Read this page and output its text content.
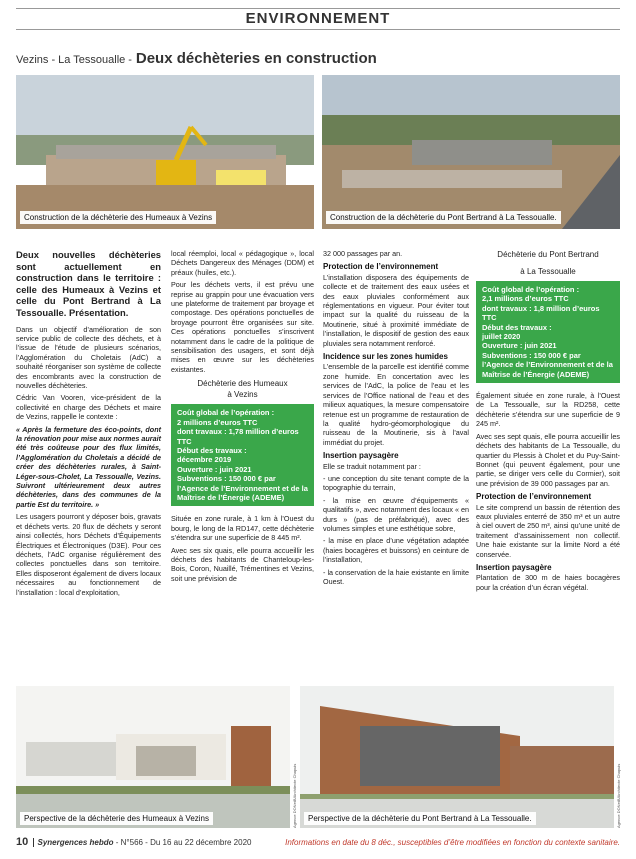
ENVIRONNEMENT
Vezins - La Tessoualle - Deux déchèteries en construction
Construction de la déchèterie des Humeaux à Vezins	Construction de la déchèterie du Pont Bertrand à La Tessoualle.
Deux nouvelles déchèteries sont actuellement en construction dans le territoire : celle des Humeaux à Vezins et celle du Pont Bertrand à La Tessoualle. Présentation.

Dans un objectif d’amélioration de son service public de collecte des déchets, et à l’issue de l’étude de plusieurs scénarios, l’Agglomération du Choletais (AdC) a souhaité réorganiser son système de collecte des encombrants avec la construction de nouvelles déchèteries.

Cédric Van Vooren, vice-président de la collectivité en charge des Déchets et maire de Vezins, rappelle le contexte :

« Après la fermeture des éco-points, dont la rénovation pour mise aux normes aurait été très coûteuse pour des flux limités, l’Agglomération du Choletais a décidé de créer des déchèteries rurales, à Saint-Léger-sous-Cholet, La Tessoualle, Vezins. Suivront ultérieurement deux autres déchèteries, dans des communes de la partie Est du territoire. »

Les usagers pourront y déposer bois, gravats et déchets verts. 20 flux de déchets y seront ainsi collectés, hors Déchets d’Équipements Électriques et Électroniques (D3E). Pour ces déchets, l’AdC organise régulièrement des collectes ponctuelles dans son territoire. Elles disposeront également de divers locaux nécessaires au fonctionnement de l’installation : local d’exploitation,

local réemploi, local « pédagogique », local Déchets Dangereux des Ménages (DDM) et préaux (huiles, etc.).

Pour les déchets verts, il est prévu une reprise au grappin pour une évacuation vers une plateforme de traitement par broyage et compostage. Des opérations ponctuelles de broyage pourront être organisées sur site. Ces opérations ponctuelles s’inscrivent notamment dans le cadre de la politique de sensibilisation des usagers, et sont déjà mises en œuvre sur les déchèteries existantes.

Déchèterie des Humeaux
à Vezins
Coût global de l’opération :
2 millions d’euros TTC
dont travaux : 1,78 million d’euros TTC
Début des travaux :
décembre 2019
Ouverture : juin 2021
Subventions : 150 000 € par l’Agence de l’Environnement et de la Maîtrise de l’Énergie (ADEME)

Située en zone rurale, à 1 km à l’Ouest du bourg, le long de la RD147, cette déchèterie s’étendra sur une superficie de 8 445 m².

Avec ses six quais, elle pourra accueillir les déchets des habitants de Chanteloup-les-Bois, Coron, Nuaillé, Trémentines et Vezins, soit une prévision de

32 000 passages par an.

Protection de l’environnement

L’installation disposera des équipements de collecte et de traitement des eaux usées et des eaux pluviales conformément aux réglementations en vigueur. Pour éviter tout impact sur la qualité du ruisseau de la Moutinerie, situé à proximité immédiate de l’installation, le dispositif de gestion des eaux pluviales sera notamment renforcé.

Incidence sur les zones humides

L’ensemble de la parcelle est identifié comme zone humide. En concertation avec les services de l’AdC, la police de l’eau et les services de l’Office national de l’eau et des milieux aquatiques, la mesure compensatoire retenue est un programme de restauration de la qualité hydro-géomorphologique du ruisseau de la Moutinerie, sis à l’aval immédiat du projet.

Insertion paysagère

Elle se traduit notamment par :

- une conception du site tenant compte de la topographie du terrain,

- la mise en œuvre d’équipements « qualitatifs », avec notamment des locaux « en durs » (pas de préfabriqué), avec des volumes simples et une esthétique sobre,

- la mise en place d’une végétation adaptée (haies bocagères et buissons) en ceinture de l’installation,

- la conservation de la haie existante en limite Ouest.

Déchèterie du Pont Bertrand
à La Tessoualle
Coût global de l’opération :
2,1 millions d’euros TTC
dont travaux : 1,8 million d’euros TTC
Début des travaux :
juillet 2020
Ouverture : juin 2021
Subventions : 150 000 € par l’Agence de l’Environnement et de la Maîtrise de l’Énergie (ADEME)

Également située en zone rurale, à l’Ouest de La Tessoualle, sur la RD258, cette déchèterie s’étendra sur une superficie de 9 245 m².

Avec ses sept quais, elle pourra accueillir les déchets des habitants de La Tessoualle, du quartier du Plessis à Cholet et du Puy-Saint-Bonnet (qui peuvent également, pour une partie, se diriger vers celle du Cormier), soit une prévision de 39 000 passages par an.

Protection de l’environnement

Le site comprend un bassin de rétention des eaux pluviales enterré de 350 m³ et un autre à ciel ouvert de 250 m³, ainsi qu’une unité de traitement d’assainissement non collectif. Une haie existante sur la limite Nord a été conservée.

Insertion paysagère

Plantation de 300 m de haies bocagères pour la création d’un écran végétal.

Perspective de la déchèterie des Humeaux à Vezins	Agence DONetB/Architecte Chapuis	Perspective de la déchèterie du Pont Bertrand à La Tessoualle.	Agence DONetB/Architecte Chapuis
10 Synergences hebdo - N°566 - Du 16 au 22 décembre 2020	Informations en date du 8 déc., susceptibles d’être modifiées en fonction du contexte sanitaire.
